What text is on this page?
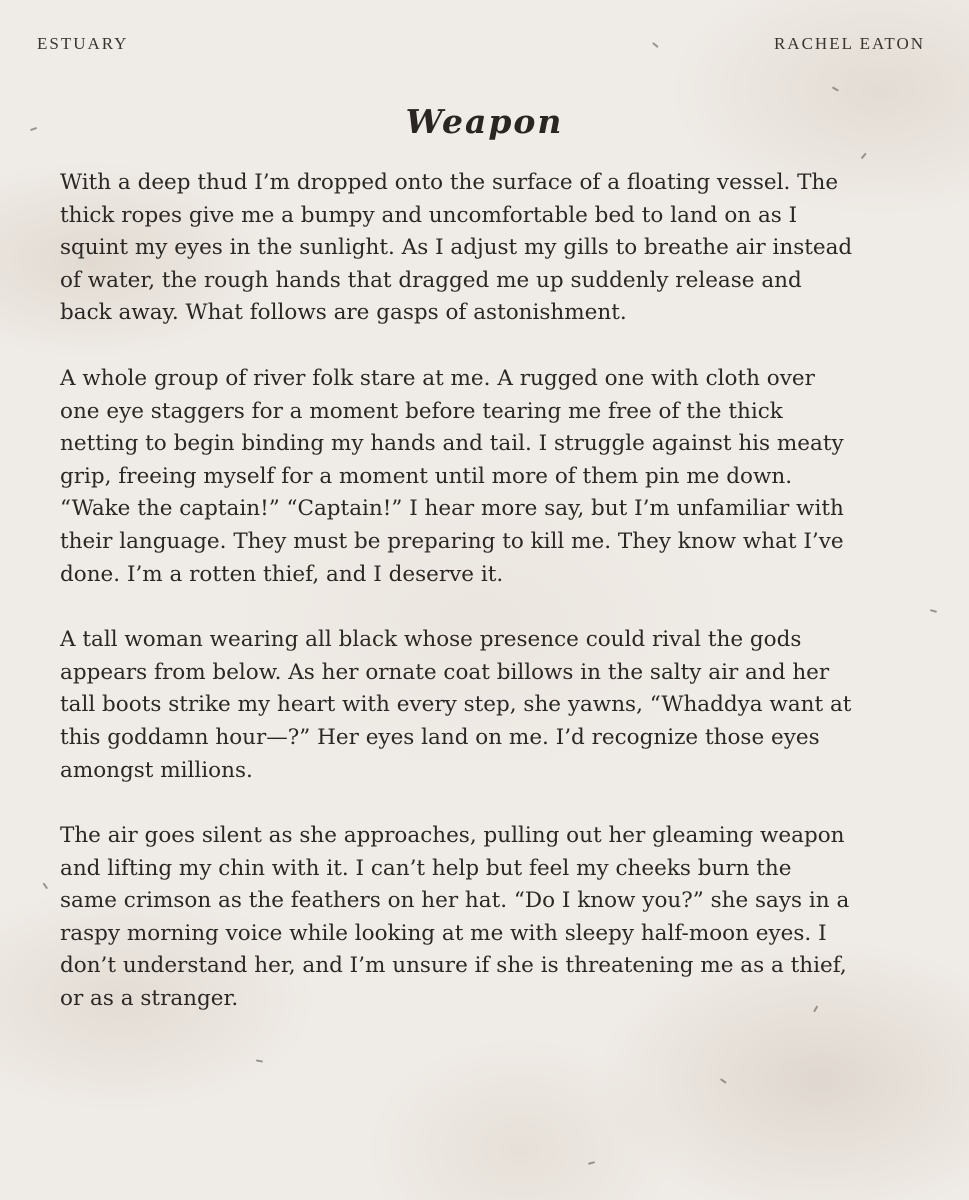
ESTUARY	RACHEL EATON
Weapon

With a deep thud I’m dropped onto the surface of a floating vessel. The
thick ropes give me a bumpy and uncomfortable bed to land on as I
squint my eyes in the sunlight. As I adjust my gills to breathe air instead
of water, the rough hands that dragged me up suddenly release and
back away. What follows are gasps of astonishment.

A whole group of river folk stare at me. A rugged one with cloth over
one eye staggers for a moment before tearing me free of the thick
netting to begin binding my hands and tail. I struggle against his meaty
grip, freeing myself for a moment until more of them pin me down.
“Wake the captain!” “Captain!” I hear more say, but I’m unfamiliar with
their language. They must be preparing to kill me. They know what I’ve
done. I’m a rotten thief, and I deserve it.

A tall woman wearing all black whose presence could rival the gods
appears from below. As her ornate coat billows in the salty air and her
tall boots strike my heart with every step, she yawns, “Whaddya want at
this goddamn hour—?” Her eyes land on me. I’d recognize those eyes
amongst millions.

The air goes silent as she approaches, pulling out her gleaming weapon
and lifting my chin with it. I can’t help but feel my cheeks burn the
same crimson as the feathers on her hat. “Do I know you?” she says in a
raspy morning voice while looking at me with sleepy half-moon eyes. I
don’t understand her, and I’m unsure if she is threatening me as a thief,
or as a stranger.
